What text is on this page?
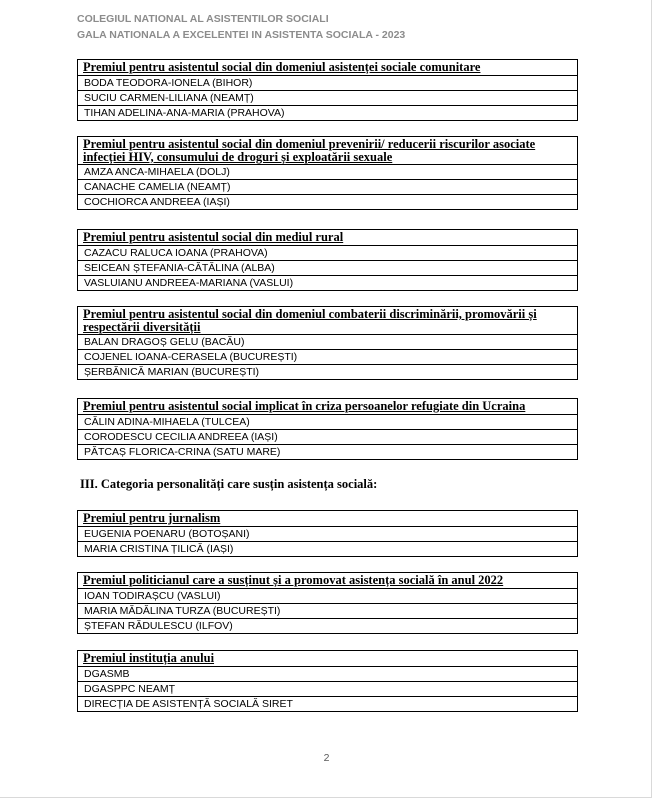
COLEGIUL NATIONAL AL ASISTENTILOR SOCIALI
GALA NATIONALA A EXCELENTEI IN ASISTENTA SOCIALA - 2023
Premiul pentru asistentul social din domeniul asistenței sociale comunitare
BODA TEODORA-IONELA (BIHOR)
SUCIU CARMEN-LILIANA (NEAMȚ)
TIHAN ADELINA-ANA-MARIA (PRAHOVA)
Premiul pentru asistentul social din domeniul prevenirii/ reducerii riscurilor asociate infecției HIV, consumului de droguri și exploatării sexuale
AMZA ANCA-MIHAELA (DOLJ)
CANACHE CAMELIA (NEAMȚ)
COCHIORCA ANDREEA (IAȘI)
Premiul pentru asistentul social din mediul rural
CAZACU RALUCA IOANA (PRAHOVA)
SEICEAN ȘTEFANIA-CĂTĂLINA (ALBA)
VASLUIANU ANDREEA-MARIANA (VASLUI)
Premiul pentru asistentul social din domeniul combaterii discriminării, promovării și respectării diversității
BALAN DRAGOȘ GELU (BACĂU)
COJENEL IOANA-CERASELA (BUCUREȘTI)
ȘERBĂNICĂ MARIAN (BUCUREȘTI)
Premiul pentru asistentul social implicat în criza persoanelor refugiate din Ucraina
CĂLIN ADINA-MIHAELA (TULCEA)
CORODESCU CECILIA ANDREEA (IAȘI)
PĂTCAȘ FLORICA-CRINA (SATU MARE)
III. Categoria personalități care susțin asistența socială:
Premiul pentru jurnalism
EUGENIA POENARU (BOTOȘANI)
MARIA CRISTINA ȚILICĂ (IAȘI)
Premiul politicianul care a susținut și a promovat asistența socială în anul 2022
IOAN TODIRAȘCU (VASLUI)
MARIA MĂDĂLINA TURZA (BUCUREȘTI)
ȘTEFAN RĂDULESCU (ILFOV)
Premiul instituția anului
DGASMB
DGASPPC NEAMȚ
DIRECȚIA DE ASISTENȚĂ SOCIALĂ SIRET
2
